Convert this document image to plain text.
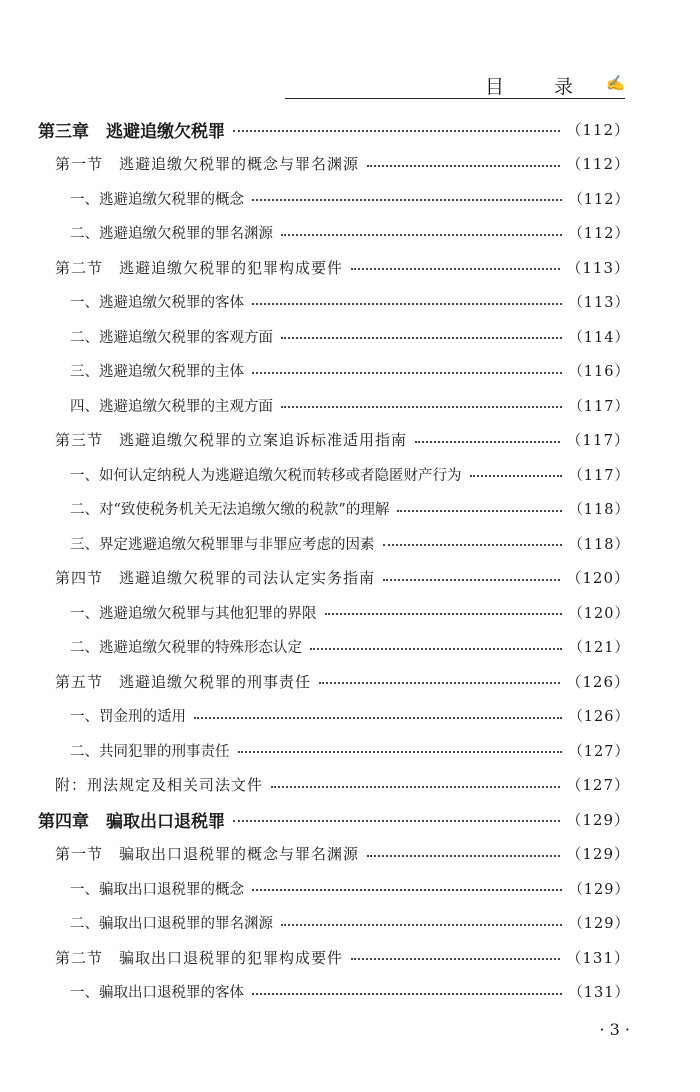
目 录 ✍
第三章　逃避追缴欠税罪	（112）
第一节　逃避追缴欠税罪的概念与罪名渊源	（112）
一、逃避追缴欠税罪的概念	（112）
二、逃避追缴欠税罪的罪名渊源	（112）
第二节　逃避追缴欠税罪的犯罪构成要件	（113）
一、逃避追缴欠税罪的客体	（113）
二、逃避追缴欠税罪的客观方面	（114）
三、逃避追缴欠税罪的主体	（116）
四、逃避追缴欠税罪的主观方面	（117）
第三节　逃避追缴欠税罪的立案追诉标准适用指南	（117）
一、如何认定纳税人为逃避追缴欠税而转移或者隐匿财产行为	（117）
二、对“致使税务机关无法追缴欠缴的税款”的理解	（118）
三、界定逃避追缴欠税罪罪与非罪应考虑的因素	（118）
第四节　逃避追缴欠税罪的司法认定实务指南	（120）
一、逃避追缴欠税罪与其他犯罪的界限	（120）
二、逃避追缴欠税罪的特殊形态认定	（121）
第五节　逃避追缴欠税罪的刑事责任	（126）
一、罚金刑的适用	（126）
二、共同犯罪的刑事责任	（127）
附：刑法规定及相关司法文件	（127）
第四章　骗取出口退税罪	（129）
第一节　骗取出口退税罪的概念与罪名渊源	（129）
一、骗取出口退税罪的概念	（129）
二、骗取出口退税罪的罪名渊源	（129）
第二节　骗取出口退税罪的犯罪构成要件	（131）
一、骗取出口退税罪的客体	（131）
· 3 ·
